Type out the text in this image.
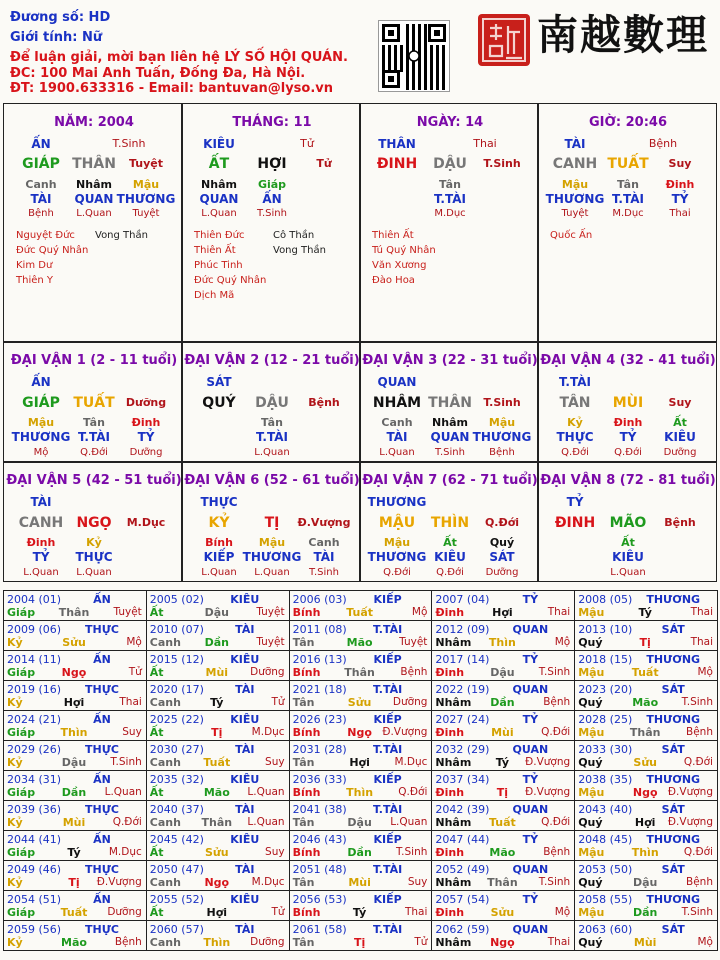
Đương số: HD
Giới tính: Nữ
Để luận giải, mời bạn liên hệ LÝ SỐ HỘI QUÁN.
ĐC: 100 Mai Anh Tuấn, Đống Đa, Hà Nội.
ĐT: 1900.633316 - Email: bantuvan@lyso.vn
南越數理
NĂM: 2004
ẤN	T.Sinh
GIÁP THÂN Tuyệt
Canh
TÀI
Bệnh
Nhâm
QUAN
L.Quan
Mậu
THƯƠNG
Tuyệt
Nguyệt Đức
Đức Quý Nhân
Kim Dư
Thiên Y
Vong Thần
THÁNG: 11
KIÊU	Tử
ẤT HỢI	Tử
Nhâm
QUAN
L.Quan
Giáp
ẤN
T.Sinh
Thiên Đức
Thiên Ất
Phúc Tinh
Đức Quý Nhân
Dịch Mã
Cô Thần
Vong Thần
NGÀY: 14
THÂN	Thai
ĐINH DẬU T.Sinh
Tân
T.TÀI
M.Dục
Thiên Ất
Tú Quý Nhân
Văn Xương
Đào Hoa
GIỜ: 20:46
TÀI	Bệnh
CANH TUẤT Suy
Mậu
THƯƠNG
Tuyệt
Tân
T.TÀI
M.Dục
Đinh
TỶ
Thai
Quốc Ấn
ĐẠI VẬN 1 (2 - 11 tuổi)
ẤN
GIÁP TUẤT Dưỡng
Mậu
THƯƠNG
Mộ
Tân
T.TÀI
Q.Đới
Đinh
TỶ
Dưỡng
ĐẠI VẬN 2 (12 - 21 tuổi)
SÁT
QUÝ DẬU Bệnh
Tân
T.TÀI
L.Quan
ĐẠI VẬN 3 (22 - 31 tuổi)
QUAN
NHÂM THÂN T.Sinh
Canh
TÀI
L.Quan
Nhâm
QUAN
T.Sinh
Mậu
THƯƠNG
Bệnh
ĐẠI VẬN 4 (32 - 41 tuổi)
T.TÀI
TÂN MÙI Suy
Kỷ
THỰC
Q.Đới
Đinh
TỶ
Q.Đới
Ất
KIÊU
Dưỡng
ĐẠI VẬN 5 (42 - 51 tuổi)
TÀI
CANH NGỌ M.Dục
Đinh
TỶ
L.Quan
Kỷ
THỰC
L.Quan
ĐẠI VẬN 6 (52 - 61 tuổi)
THỰC
KỶ	TỊ Đ.Vượng
Bính
KIẾP
L.Quan
Mậu
THƯƠNG
L.Quan
Canh
TÀI
T.Sinh
ĐẠI VẬN 7 (62 - 71 tuổi)
THƯƠNG
MẬU THÌN Q.Đới
Mậu
THƯƠNG
Q.Đới
Ất
KIÊU
Q.Đới
Quý
SÁT
Dưỡng
ĐẠI VẬN 8 (72 - 81 tuổi)
TỶ
ĐINH MÃO Bệnh
Ất
KIÊU
L.Quan
2004 (01)	ẤN
Giáp Thân Tuyệt
2005 (02) KIÊU
Ất	Dậu	Tuyệt
2006 (03) KIẾP
Bính Tuất	Mộ
2007 (04)	TỶ
Đinh	Hợi	Thai
2008 (05) THƯƠNG
Mậu	Tý	Thai
2009 (06) THỰC
Kỷ	Sửu	Mộ
2010 (07)	TÀI
Canh Dần	Tuyệt
2011 (08) T.TÀI
Tân	Mão	Tuyệt
2012 (09) QUAN
Nhâm Thìn	Mộ
2013 (10)	SÁT
Quý	Tị	Thai
2014 (11)	ẤN
Giáp Ngọ	Tử
2015 (12) KIÊU
Ất	Mùi Dưỡng
2016 (13) KIẾP
Bính Thân Bệnh
2017 (14)	TỶ
Đinh Dậu T.Sinh
2018 (15) THƯƠNG
Mậu Tuất	Mộ
2019 (16) THỰC
Kỷ	Hợi	Thai
2020 (17)	TÀI
Canh	Tý	Tử
2021 (18) T.TÀI
Tân	Sửu Dưỡng
2022 (19) QUAN
Nhâm Dần	Bệnh
2023 (20)	SÁT
Quý	Mão T.Sinh
2024 (21)	ẤN
Giáp Thìn	Suy
2025 (22) KIÊU
Ất	Tị	M.Dục
2026 (23) KIẾP
Bính Ngọ Đ.Vượng
2027 (24)	TỶ
Đinh Mùi	Q.Đới
2028 (25) THƯƠNG
Mậu Thân Bệnh
2029 (26) THỰC
Kỷ	Dậu T.Sinh
2030 (27)	TÀI
Canh Tuất	Suy
2031 (28) T.TÀI
Tân	Hợi M.Dục
2032 (29) QUAN
Nhâm Tý Đ.Vượng
2033 (30)	SÁT
Quý	Sửu	Q.Đới
2034 (31)	ẤN
Giáp Dần L.Quan
2035 (32) KIÊU
Ất	Mão L.Quan
2036 (33) KIẾP
Bính Thìn Q.Đới
2037 (34)	TỶ
Đinh	Tị Đ.Vượng
2038 (35) THƯƠNG
Mậu	Ngọ Đ.Vượng
2039 (36) THỰC
Kỷ	Mùi	Q.Đới
2040 (37)	TÀI
Canh Thân L.Quan
2041 (38) T.TÀI
Tân	Dậu L.Quan
2042 (39) QUAN
Nhâm Tuất Q.Đới
2043 (40)	SÁT
Quý	Hợi Đ.Vượng
2044 (41)	ẤN
Giáp	Tý	M.Dục
2045 (42) KIÊU
Ất	Sửu	Suy
2046 (43) KIẾP
Bính Dần T.Sinh
2047 (44)	TỶ
Đinh Mão	Bệnh
2048 (45) THƯƠNG
Mậu Thìn Q.Đới
2049 (46) THỰC
Kỷ	Tị Đ.Vượng
2050 (47)	TÀI
Canh Ngọ M.Dục
2051 (48) T.TÀI
Tân	Mùi	Suy
2052 (49) QUAN
Nhâm Thân T.Sinh
2053 (50)	SÁT
Quý	Dậu	Bệnh
2054 (51)	ẤN
Giáp Tuất Dưỡng
2055 (52) KIÊU
Ất	Hợi	Tử
2056 (53) KIẾP
Bính	Tý	Thai
2057 (54)	TỶ
Đinh Sửu	Mộ
2058 (55) THƯƠNG
Mậu	Dần T.Sinh
2059 (56) THỰC
Kỷ	Mão	Bệnh
2060 (57)	TÀI
Canh Thìn Dưỡng
2061 (58) T.TÀI
Tân	Tị	Tử
2062 (59) QUAN
Nhâm Ngọ	Thai
2063 (60)	SÁT
Quý	Mùi	Mộ
